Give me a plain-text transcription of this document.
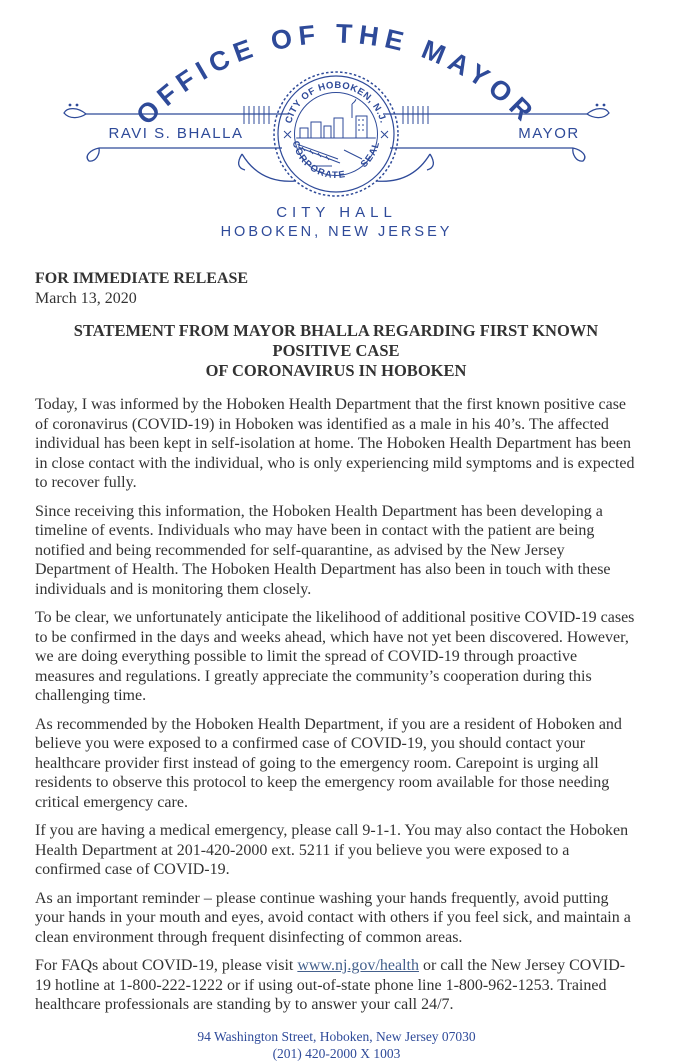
OFFICE OF THE MAYOR
RAVI S. BHALLA	MAYOR
CITY OF HOBOKEN, N.J.
CORPORATE SEAL
CITY HALL
HOBOKEN, NEW JERSEY
FOR IMMEDIATE RELEASE
March 13, 2020
STATEMENT FROM MAYOR BHALLA REGARDING FIRST KNOWN POSITIVE CASE
OF CORONAVIRUS IN HOBOKEN

Today, I was informed by the Hoboken Health Department that the first known positive case of coronavirus (COVID-19) in Hoboken was identified as a male in his 40’s. The affected individual has been kept in self-isolation at home. The Hoboken Health Department has been in close contact with the individual, who is only experiencing mild symptoms and is expected to recover fully.

Since receiving this information, the Hoboken Health Department has been developing a timeline of events. Individuals who may have been in contact with the patient are being notified and being recommended for self-quarantine, as advised by the New Jersey Department of Health. The Hoboken Health Department has also been in touch with these individuals and is monitoring them closely.

To be clear, we unfortunately anticipate the likelihood of additional positive COVID-19 cases to be confirmed in the days and weeks ahead, which have not yet been discovered. However, we are doing everything possible to limit the spread of COVID-19 through proactive measures and regulations. I greatly appreciate the community’s cooperation during this challenging time.

As recommended by the Hoboken Health Department, if you are a resident of Hoboken and believe you were exposed to a confirmed case of COVID-19, you should contact your healthcare provider first instead of going to the emergency room. Carepoint is urging all residents to observe this protocol to keep the emergency room available for those needing critical emergency care.

If you are having a medical emergency, please call 9-1-1. You may also contact the Hoboken Health Department at 201-420-2000 ext. 5211 if you believe you were exposed to a confirmed case of COVID-19.

As an important reminder – please continue washing your hands frequently, avoid putting your hands in your mouth and eyes, avoid contact with others if you feel sick, and maintain a clean environment through frequent disinfecting of common areas.

For FAQs about COVID-19, please visit www.nj.gov/health or call the New Jersey COVID-19 hotline at 1-800-222-1222 or if using out-of-state phone line 1-800-962-1253. Trained healthcare professionals are standing by to answer your call 24/7.

94 Washington Street, Hoboken, New Jersey 07030
(201) 420-2000 X 1003
